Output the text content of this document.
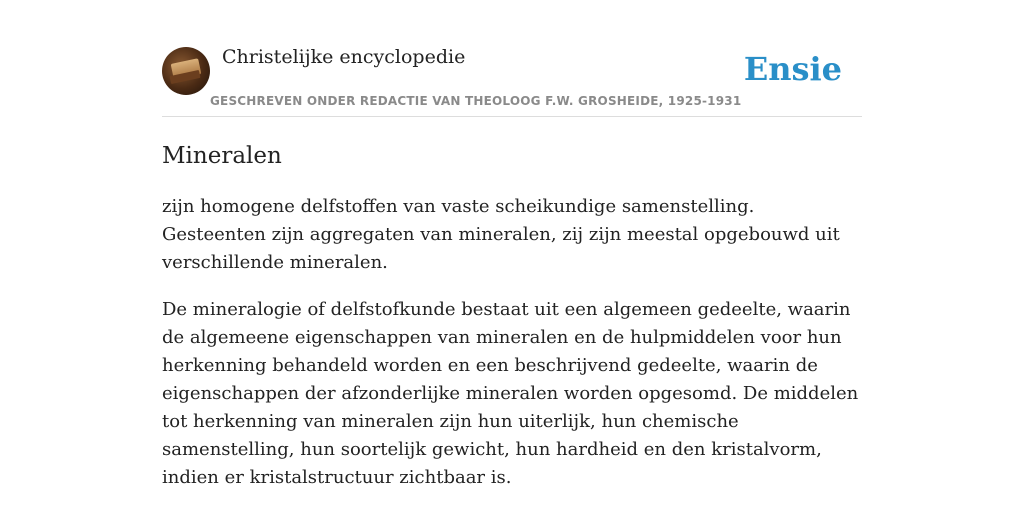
Christelijke encyclopedie
GESCHREVEN ONDER REDACTIE VAN THEOLOOG F.W. GROSHEIDE, 1925-1931
Ensie
Mineralen

zijn homogene delfstoffen van vaste scheikundige samenstelling. Gesteenten zijn aggregaten van mineralen, zij zijn meestal opgebouwd uit verschillende mineralen.

De mineralogie of delfstofkunde bestaat uit een algemeen gedeelte, waarin de algemeene eigenschappen van mineralen en de hulpmiddelen voor hun herkenning behandeld worden en een beschrijvend gedeelte, waarin de eigenschappen der afzonderlijke mineralen worden opgesomd. De middelen tot herkenning van mineralen zijn hun uiterlijk, hun chemische samenstelling, hun soortelijk gewicht, hun hardheid en den kristalvorm, indien er kristalstructuur zichtbaar is.
